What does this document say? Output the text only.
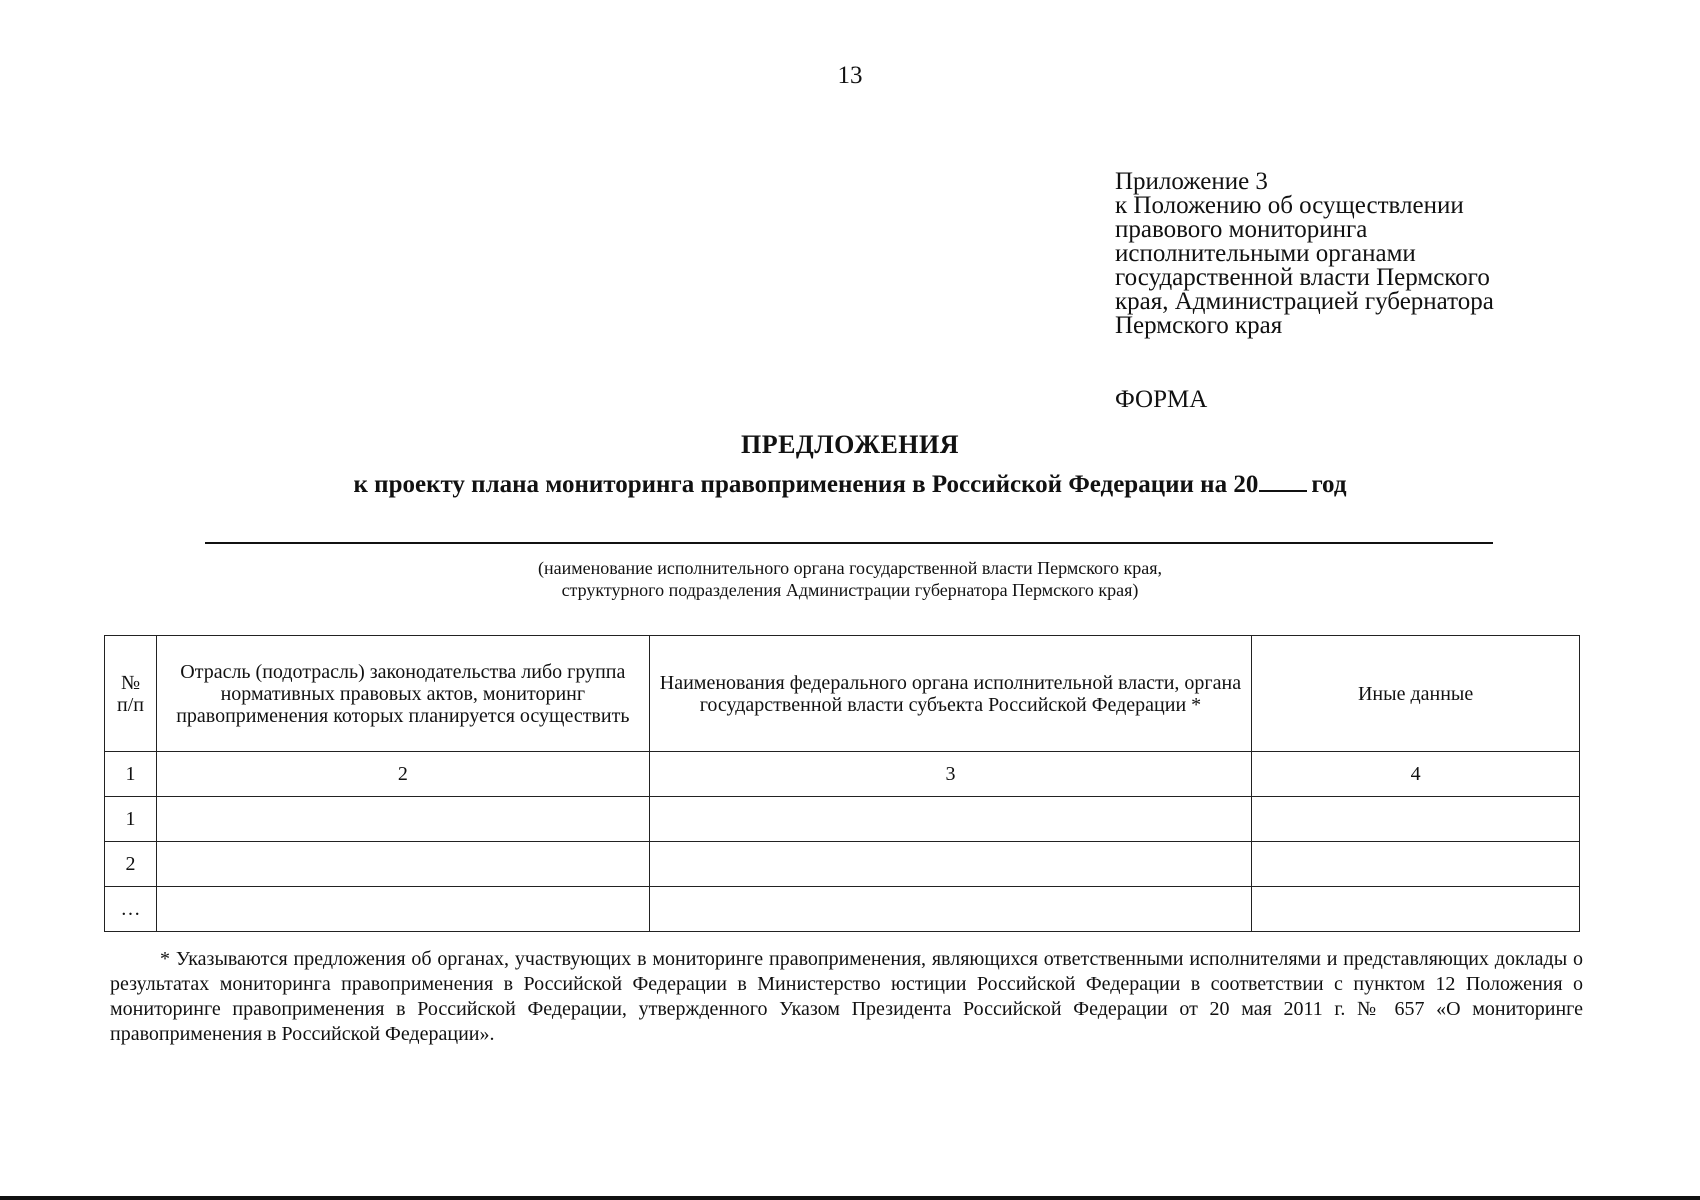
13
Приложение 3
к Положению об осуществлении
правового мониторинга
исполнительными органами
государственной власти Пермского
края, Администрацией губернатора
Пермского края
ФОРМА
ПРЕДЛОЖЕНИЯ
к проекту плана мониторинга правоприменения в Российской Федерации на 20 год
(наименование исполнительного органа государственной власти Пермского края,
структурного подразделения Администрации губернатора Пермского края)
№ п/п	Отрасль (подотрасль) законодательства либо группа нормативных правовых актов, мониторинг правоприменения которых планируется осуществить	Наименования федерального органа исполнительной власти, органа государственной власти субъекта Российской Федерации *	Иные данные
1	2	3	4
1			
2			
…			
* Указываются предложения об органах, участвующих в мониторинге правоприменения, являющихся ответственными исполнителями и представляющих доклады о результатах мониторинга правоприменения в Российской Федерации в Министерство юстиции Российской Федерации в соответствии с пунктом 12 Положения о мониторинге правоприменения в Российской Федерации, утвержденного Указом Президента Российской Федерации от 20 мая 2011 г. № 657 «О мониторинге правоприменения в Российской Федерации».
